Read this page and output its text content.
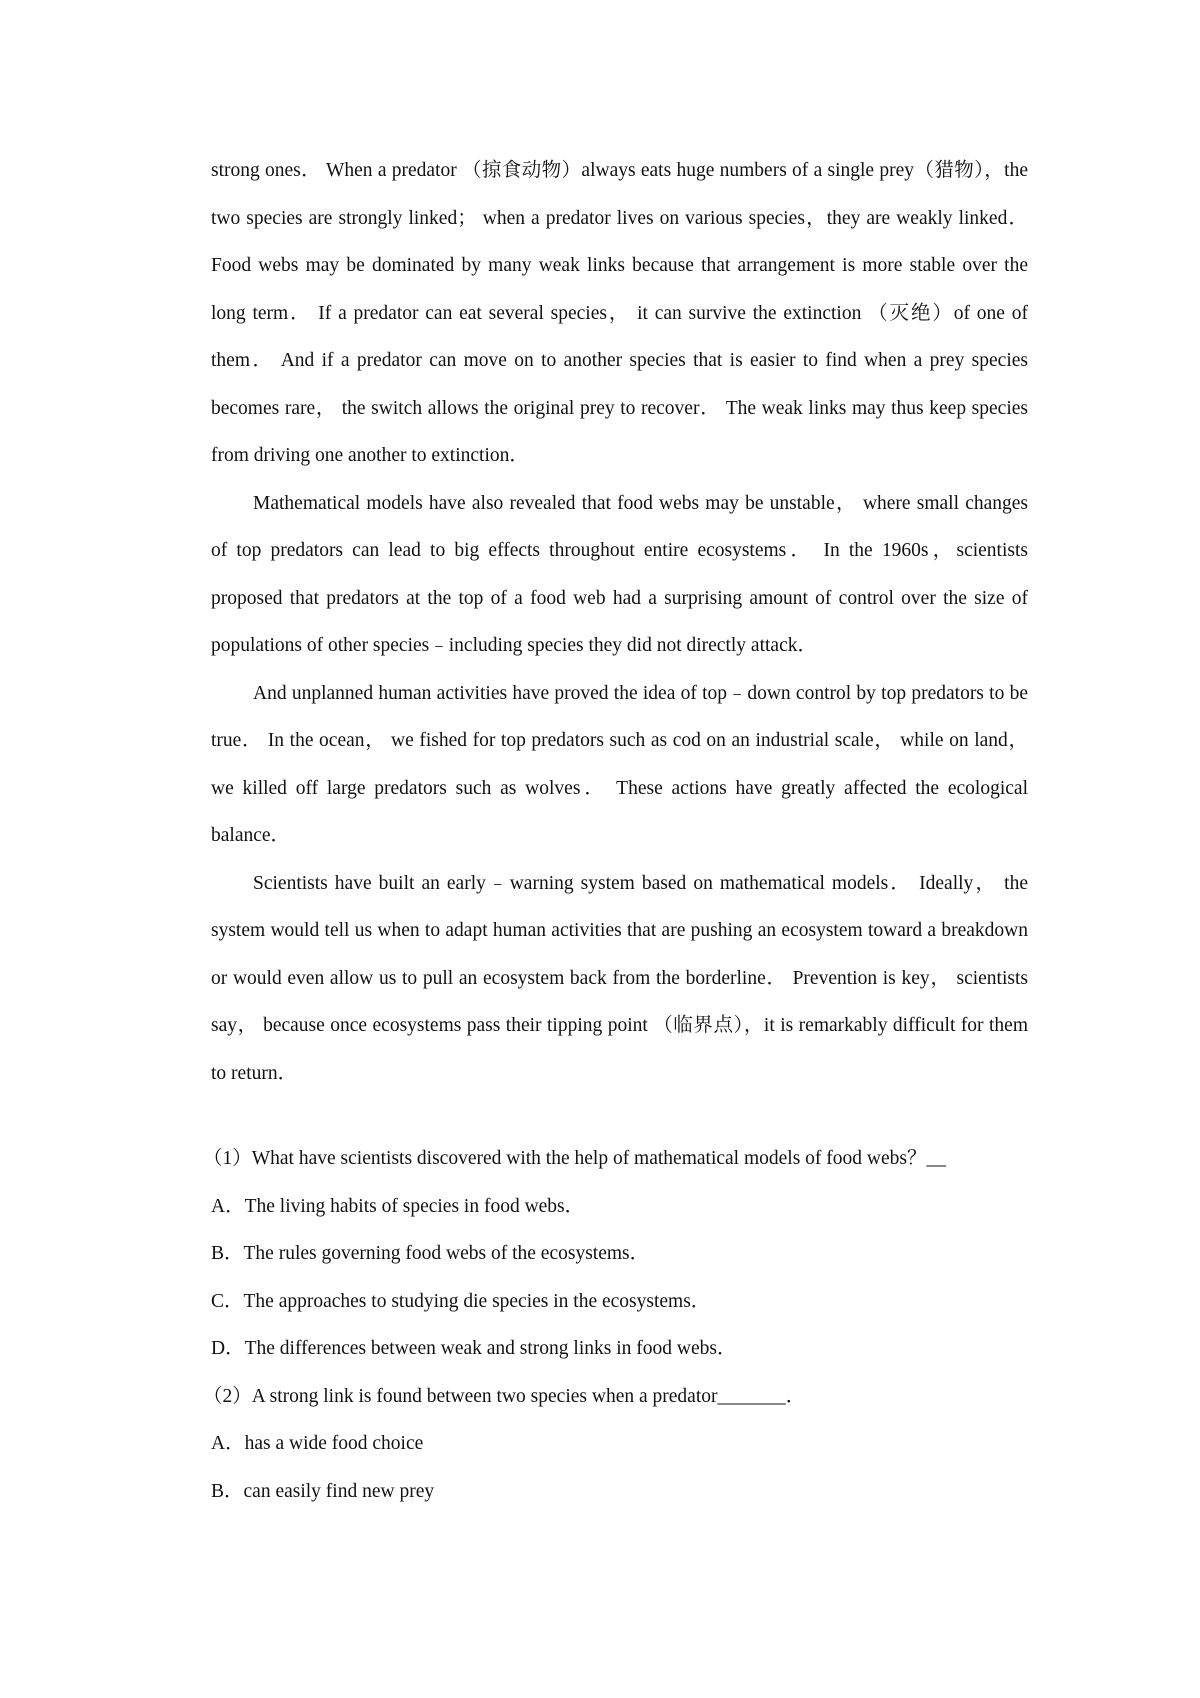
strong ones． When a predator （掠食动物）always eats huge numbers of a single prey（猎物），the two species are strongly linked； when a predator lives on various species，they are weakly linked． Food webs may be dominated by many weak links because that arrangement is more stable over the long term． If a predator can eat several species， it can survive the extinction （灭绝）of one of them． And if a predator can move on to another species that is easier to find when a prey species becomes rare， the switch allows the original prey to recover． The weak links may thus keep species from driving one another to extinction．

Mathematical models have also revealed that food webs may be unstable， where small changes of top predators can lead to big effects throughout entire ecosystems． In the 1960s，scientists proposed that predators at the top of a food web had a surprising amount of control over the size of populations of other species﹣including species they did not directly attack．

And unplanned human activities have proved the idea of top﹣down control by top predators to be true． In the ocean， we fished for top predators such as cod on an industrial scale， while on land， we killed off large predators such as wolves． These actions have greatly affected the ecological balance．

Scientists have built an early﹣warning system based on mathematical models． Ideally， the system would tell us when to adapt human activities that are pushing an ecosystem toward a breakdown or would even allow us to pull an ecosystem back from the borderline． Prevention is key， scientists say， because once ecosystems pass their tipping point （临界点），it is remarkably difficult for them to return．

（1）What have scientists discovered with the help of mathematical models of food webs？__

A．The living habits of species in food webs．

B．The rules governing food webs of the ecosystems．

C．The approaches to studying die species in the ecosystems．

D．The differences between weak and strong links in food webs．

（2）A strong link is found between two species when a predator_______．

A．has a wide food choice

B．can easily find new prey
